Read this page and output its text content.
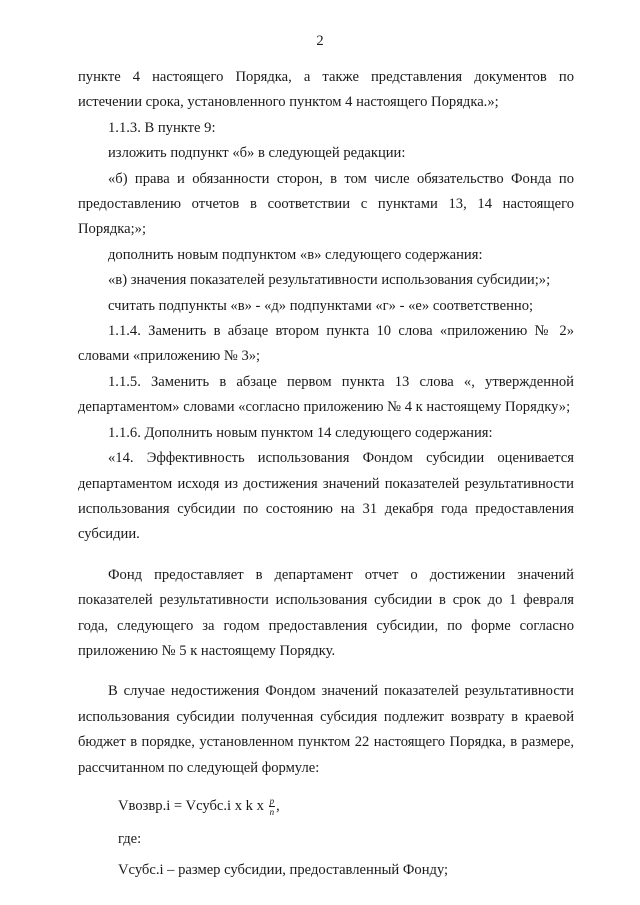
2

пункте 4 настоящего Порядка, а также представления документов по истечении срока, установленного пунктом 4 настоящего Порядка.»;

1.1.3. В пункте 9:

изложить подпункт «б» в следующей редакции:

«б) права и обязанности сторон, в том числе обязательство Фонда по предоставлению отчетов в соответствии с пунктами 13, 14 настоящего Порядка;»;

дополнить новым подпунктом «в» следующего содержания:

«в) значения показателей результативности использования субсидии;»;

считать подпункты «в» - «д» подпунктами «г» - «е» соответственно;

1.1.4. Заменить в абзаце втором пункта 10 слова «приложению № 2» словами «приложению № 3»;

1.1.5. Заменить в абзаце первом пункта 13 слова «, утвержденной департаментом» словами «согласно приложению № 4 к настоящему Порядку»;

1.1.6. Дополнить новым пунктом 14 следующего содержания:

«14. Эффективность использования Фондом субсидии оценивается департаментом исходя из достижения значений показателей результативности использования субсидии по состоянию на 31 декабря года предоставления субсидии.

Фонд предоставляет в департамент отчет о достижении значений показателей результативности использования субсидии в срок до 1 февраля года, следующего за годом предоставления субсидии, по форме согласно приложению № 5 к настоящему Порядку.

В случае недостижения Фондом значений показателей результативности использования субсидии полученная субсидия подлежит возврату в краевой бюджет в порядке, установленном пунктом 22 настоящего Порядка, в размере, рассчитанном по следующей формуле:

Vвозвр.i = Vсубс.i x k x $\frac{p}{n}$ ,
где:
Vсубс.i – размер субсидии, предоставленный Фонду;
